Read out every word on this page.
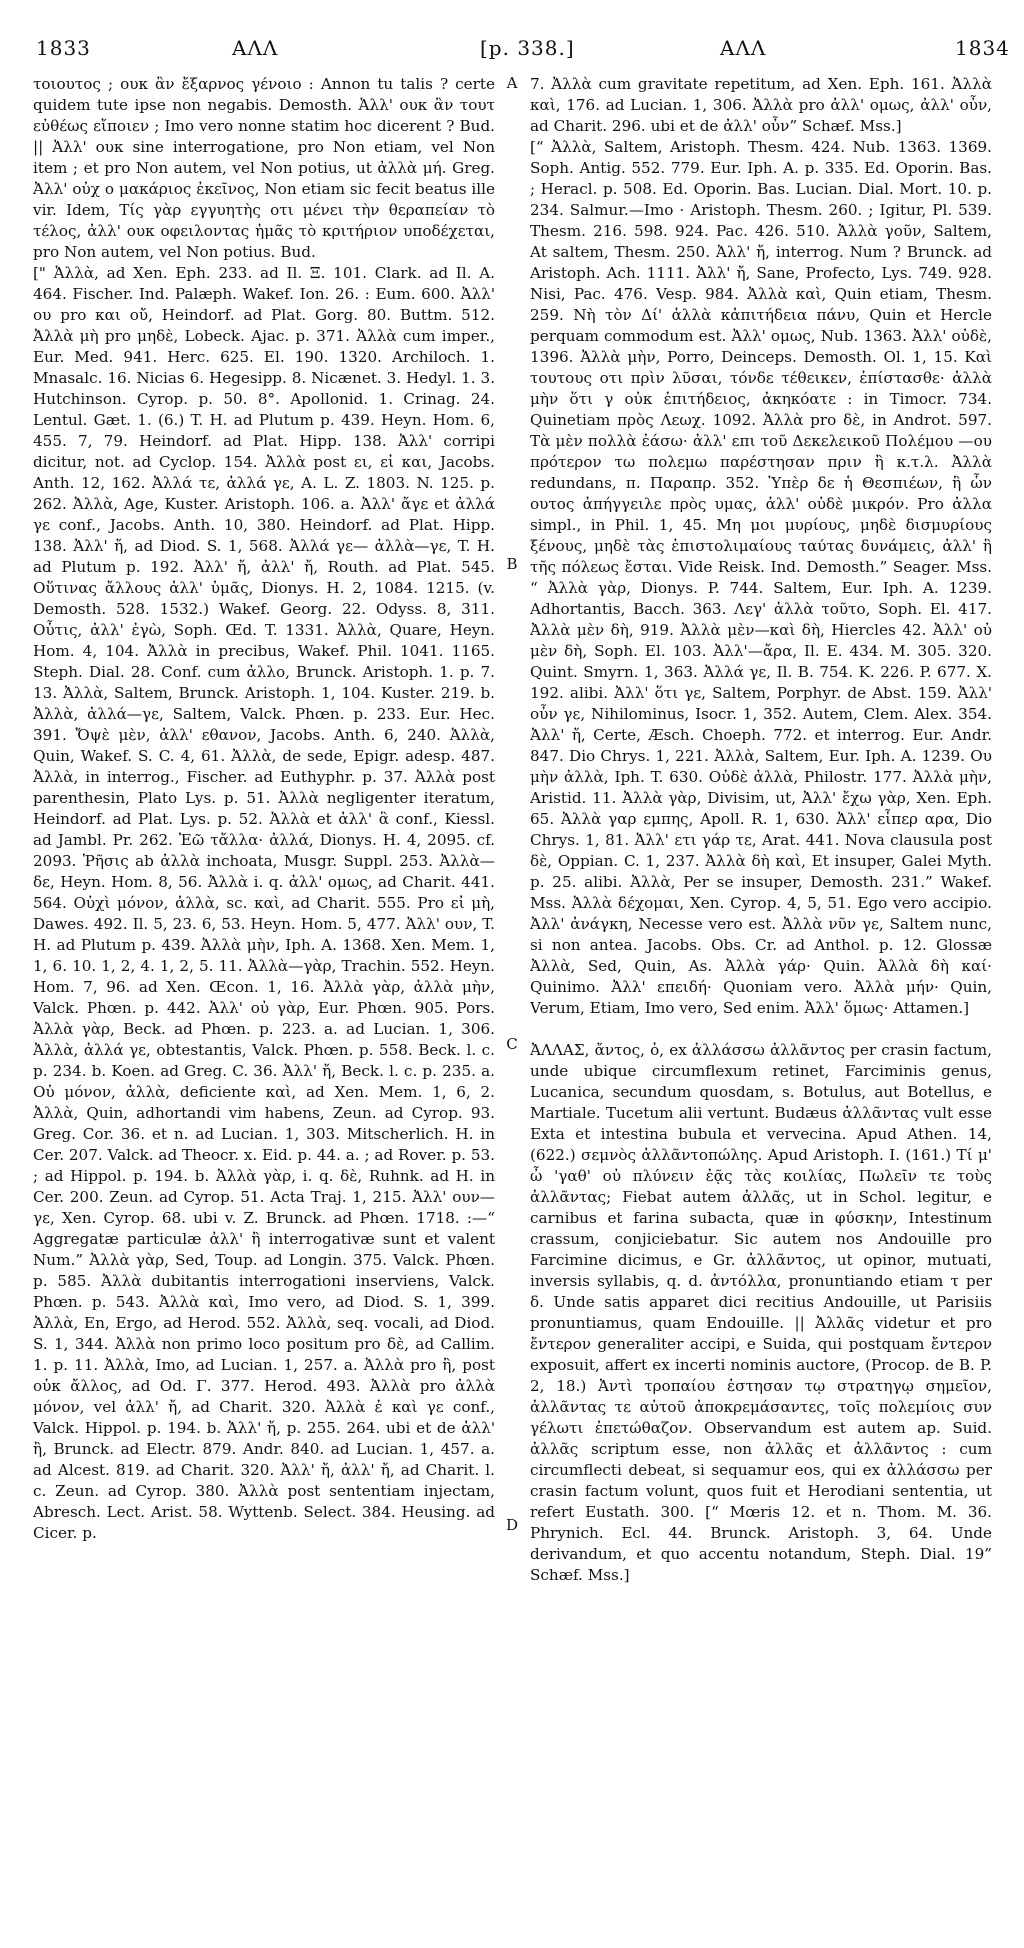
1833	ΑΛΛ	[p. 338.]	ΑΛΛ	1834
A
B
C
D

τοιουτος ; ουκ ἂν ἔξαρνος γένοιο : Annon tu talis ? certe quidem tute ipse non negabis. Demosth. Ἀλλ' ουκ ἂν τουτ εὐθέως εἴποιεν ; Imo vero nonne statim hoc dicerent ? Bud. || Ἀλλ' ουκ sine interrogatione, pro Non etiam, vel Non item ; et pro Non autem, vel Non potius, ut ἀλλὰ μή. Greg. Ἀλλ' οὐχ ο μακάριος ἐκεῖνος, Non etiam sic fecit beatus ille vir. Idem, Τίς γὰρ εγγυητὴς οτι μένει τὴν θεραπείαν τὸ τέλος, ἀλλ' ουκ οφειλοντας ἡμᾶς τὸ κριτήριον υποδέχεται, pro Non autem, vel Non potius. Bud.

[" Ἀλλὰ, ad Xen. Eph. 233. ad Il. Ξ. 101. Clark. ad Il. A. 464. Fischer. Ind. Palæph. Wakef. Ion. 26. : Eum. 600. Ἀλλ' ου pro και οὔ, Heindorf. ad Plat. Gorg. 80. Buttm. 512. Ἀλλὰ μὴ pro μηδὲ, Lobeck. Ajac. p. 371. Ἀλλὰ cum imper., Eur. Med. 941. Herc. 625. El. 190. 1320. Archiloch. 1. Mnasalc. 16. Nicias 6. Hegesipp. 8. Nicænet. 3. Hedyl. 1. 3. Hutchinson. Cyrop. p. 50. 8°. Apollonid. 1. Crinag. 24. Lentul. Gæt. 1. (6.) T. H. ad Plutum p. 439. Heyn. Hom. 6, 455. 7, 79. Heindorf. ad Plat. Hipp. 138. Ἀλλ' corripi dicitur, not. ad Cyclop. 154. Ἀλλὰ post ει, εἰ και, Jacobs. Anth. 12, 162. Ἀλλά τε, ἀλλά γε, A. L. Z. 1803. N. 125. p. 262. Ἀλλὰ, Age, Kuster. Aristoph. 106. a. Ἀλλ' ἄγε et ἀλλά γε conf., Jacobs. Anth. 10, 380. Heindorf. ad Plat. Hipp. 138. Ἀλλ' ἤ, ad Diod. S. 1, 568. Ἀλλά γε— ἀλλὰ—γε, T. H. ad Plutum p. 192. Ἀλλ' ἤ, ἀλλ' ἤ, Routh. ad Plat. 545. Οὕτινας ἄλλους ἀλλ' ὑμᾶς, Dionys. H. 2, 1084. 1215. (v. Demosth. 528. 1532.) Wakef. Georg. 22. Odyss. 8, 311. Οὗτις, ἀλλ' ἐγὼ, Soph. Œd. T. 1331. Ἀλλὰ, Quare, Heyn. Hom. 4, 104. Ἀλλὰ in precibus, Wakef. Phil. 1041. 1165. Steph. Dial. 28. Conf. cum ἀλλο, Brunck. Aristoph. 1. p. 7. 13. Ἀλλὰ, Saltem, Brunck. Aristoph. 1, 104. Kuster. 219. b. Ἀλλὰ, ἀλλά—γε, Saltem, Valck. Phœn. p. 233. Eur. Hec. 391. Ὄψὲ μὲν, ἀλλ' εθανον, Jacobs. Anth. 6, 240. Ἀλλὰ, Quin, Wakef. S. C. 4, 61. Ἀλλὰ, de sede, Epigr. adesp. 487. Ἀλλὰ, in interrog., Fischer. ad Euthyphr. p. 37. Ἀλλὰ post parenthesin, Plato Lys. p. 51. Ἀλλὰ negligenter iteratum, Heindorf. ad Plat. Lys. p. 52. Ἀλλὰ et ἀλλ' ἃ conf., Kiessl. ad Jambl. Pr. 262. Ἐῶ τἄλλα· ἀλλά, Dionys. H. 4, 2095. cf. 2093. Ῥῆσις ab ἀλλὰ inchoata, Musgr. Suppl. 253. Ἀλλὰ—δε, Heyn. Hom. 8, 56. Ἀλλὰ i. q. ἀλλ' ομως, ad Charit. 441. 564. Οὐχὶ μόνον, ἀλλὰ, sc. καὶ, ad Charit. 555. Pro εἰ μὴ, Dawes. 492. Il. 5, 23. 6, 53. Heyn. Hom. 5, 477. Ἀλλ' ουν, T. H. ad Plutum p. 439. Ἀλλὰ μὴν, Iph. A. 1368. Xen. Mem. 1, 1, 6. 10. 1, 2, 4. 1, 2, 5. 11. Ἀλλὰ—γὰρ, Trachin. 552. Heyn. Hom. 7, 96. ad Xen. Œcon. 1, 16. Ἀλλὰ γὰρ, ἀλλὰ μὴν, Valck. Phœn. p. 442. Ἀλλ' οὐ γὰρ, Eur. Phœn. 905. Pors. Ἀλλὰ γὰρ, Beck. ad Phœn. p. 223. a. ad Lucian. 1, 306. Ἀλλὰ, ἀλλά γε, obtestantis, Valck. Phœn. p. 558. Beck. l. c. p. 234. b. Koen. ad Greg. C. 36. Ἀλλ' ἤ, Beck. l. c. p. 235. a. Οὐ μόνον, ἀλλὰ, deficiente καὶ, ad Xen. Mem. 1, 6, 2. Ἀλλὰ, Quin, adhortandi vim habens, Zeun. ad Cyrop. 93. Greg. Cor. 36. et n. ad Lucian. 1, 303. Mitscherlich. H. in Cer. 207. Valck. ad Theocr. x. Eid. p. 44. a. ; ad Rover. p. 53. ; ad Hippol. p. 194. b. Ἀλλὰ γὰρ, i. q. δὲ, Ruhnk. ad H. in Cer. 200. Zeun. ad Cyrop. 51. Acta Traj. 1, 215. Ἀλλ' ουν—γε, Xen. Cyrop. 68. ubi v. Z. Brunck. ad Phœn. 1718. :—“ Aggregatæ particulæ ἀλλ' ἢ interrogativæ sunt et valent Num.” Ἀλλὰ γὰρ, Sed, Toup. ad Longin. 375. Valck. Phœn. p. 585. Ἀλλὰ dubitantis interrogationi inserviens, Valck. Phœn. p. 543. Ἀλλὰ καὶ, Imo vero, ad Diod. S. 1, 399. Ἀλλὰ, En, Ergo, ad Herod. 552. Ἀλλὰ, seq. vocali, ad Diod. S. 1, 344. Ἀλλὰ non primo loco positum pro δὲ, ad Callim. 1. p. 11. Ἀλλὰ, Imo, ad Lucian. 1, 257. a. Ἀλλὰ pro ἢ, post οὐκ ἄλλος, ad Od. Γ. 377. Herod. 493. Ἀλλὰ pro ἀλλὰ μόνον, vel ἀλλ' ἤ, ad Charit. 320. Ἀλλὰ ἐ καὶ γε conf., Valck. Hippol. p. 194. b. Ἀλλ' ἤ, p. 255. 264. ubi et de ἀλλ' ἢ, Brunck. ad Electr. 879. Andr. 840. ad Lucian. 1, 457. a. ad Alcest. 819. ad Charit. 320. Ἀλλ' ἤ, ἀλλ' ἤ, ad Charit. l. c. Zeun. ad Cyrop. 380. Ἀλλὰ post sententiam injectam, Abresch. Lect. Arist. 58. Wyttenb. Select. 384. Heusing. ad Cicer. p.

7. Ἀλλὰ cum gravitate repetitum, ad Xen. Eph. 161. Ἀλλὰ καὶ, 176. ad Lucian. 1, 306. Ἀλλὰ pro ἀλλ' ομως, ἀλλ' οὖν, ad Charit. 296. ubi et de ἀλλ' οὖν” Schæf. Mss.]

[“ Ἀλλὰ, Saltem, Aristoph. Thesm. 424. Nub. 1363. 1369. Soph. Antig. 552. 779. Eur. Iph. A. p. 335. Ed. Oporin. Bas. ; Heracl. p. 508. Ed. Oporin. Bas. Lucian. Dial. Mort. 10. p. 234. Salmur.—Imo · Aristoph. Thesm. 260. ; Igitur, Pl. 539. Thesm. 216. 598. 924. Pac. 426. 510. Ἀλλὰ γοῦν, Saltem, At saltem, Thesm. 250. Ἀλλ' ἤ, interrog. Num ? Brunck. ad Aristoph. Ach. 1111. Ἀλλ' ἤ, Sane, Profecto, Lys. 749. 928. Nisi, Pac. 476. Vesp. 984. Ἀλλὰ καὶ, Quin etiam, Thesm. 259. Νὴ τὸν Δί' ἀλλὰ κἀπιτήδεια πάνυ, Quin et Hercle perquam commodum est. Ἀλλ' ομως, Nub. 1363. Ἀλλ' οὐδὲ, 1396. Ἀλλὰ μὴν, Porro, Deinceps. Demosth. Ol. 1, 15. Καὶ τουτους οτι πρὶν λῦσαι, τόνδε τέθεικεν, ἐπίστασθε· ἀλλὰ μὴν ὅτι γ οὐκ ἐπιτήδειος, ἀκηκόατε : in Timocr. 734. Quinetiam πρὸς Λεωχ. 1092. Ἀλλὰ pro δὲ, in Androt. 597. Τὰ μὲν πολλὰ ἐάσω· ἀλλ' επι τοῦ Δεκελεικοῦ Πολέμου —ου πρότερον τω πολεμω παρέστησαν πριν ἢ κ.τ.λ. Ἀλλὰ redundans, π. Παραπρ. 352. Ὑπὲρ δε ἡ Θεσπιέων, ἣ ὧν ουτος ἀπήγγειλε πρὸς υμας, ἀλλ' οὐδὲ μικρόν. Pro ἀλλα simpl., in Phil. 1, 45. Μη μοι μυρίους, μηδὲ δισμυρίους ξένους, μηδὲ τὰς ἐπιστολιμαίους ταύτας δυνάμεις, ἀλλ' ἣ τῆς πόλεως ἔσται. Vide Reisk. Ind. Demosth.” Seager. Mss. “ Ἀλλὰ γὰρ, Dionys. P. 744. Saltem, Eur. Iph. A. 1239. Adhortantis, Bacch. 363. Λεγ' ἀλλὰ τοῦτο, Soph. El. 417. Ἀλλὰ μὲν δὴ, 919. Ἀλλὰ μὲν—καὶ δὴ, Hiercles 42. Ἀλλ' οὐ μὲν δὴ, Soph. El. 103. Ἀλλ'—ἄρα, Il. E. 434. M. 305. 320. Quint. Smyrn. 1, 363. Ἀλλά γε, Il. B. 754. K. 226. P. 677. X. 192. alibi. Ἀλλ' ὅτι γε, Saltem, Porphyr. de Abst. 159. Ἀλλ' οὖν γε, Nihilominus, Isocr. 1, 352. Autem, Clem. Alex. 354. Ἀλλ' ἤ, Certe, Æsch. Choeph. 772. et interrog. Eur. Andr. 847. Dio Chrys. 1, 221. Ἀλλὰ, Saltem, Eur. Iph. A. 1239. Ου μὴν ἀλλὰ, Iph. T. 630. Οὐδὲ ἀλλὰ, Philostr. 177. Ἀλλὰ μὴν, Aristid. 11. Ἀλλὰ γὰρ, Divisim, ut, Ἀλλ' ἔχω γὰρ, Xen. Eph. 65. Ἀλλὰ γαρ εμπης, Apoll. R. 1, 630. Ἀλλ' εἶπερ αρα, Dio Chrys. 1, 81. Ἀλλ' ετι γάρ τε, Arat. 441. Nova clausula post δὲ, Oppian. C. 1, 237. Ἀλλὰ δὴ καὶ, Et insuper, Galei Myth. p. 25. alibi. Ἀλλὰ, Per se insuper, Demosth. 231.” Wakef. Mss. Ἀλλὰ δέχομαι, Xen. Cyrop. 4, 5, 51. Ego vero accipio. Ἀλλ' ἀνάγκη, Necesse vero est. Ἀλλὰ νῦν γε, Saltem nunc, si non antea. Jacobs. Obs. Cr. ad Anthol. p. 12. Glossæ Ἀλλὰ, Sed, Quin, As. Ἀλλὰ γάρ· Quin. Ἀλλὰ δὴ καί· Quinimo. Ἀλλ' επειδή· Quoniam vero. Ἀλλὰ μήν· Quin, Verum, Etiam, Imo vero, Sed enim. Ἀλλ' ὅμως· Attamen.]

ἈΛΛΑΣ, ἄντος, ὁ, ex ἀλλάσσω ἀλλᾶντος per crasin factum, unde ubique circumflexum retinet, Farciminis genus, Lucanica, secundum quosdam, s. Botulus, aut Botellus, e Martiale. Tucetum alii vertunt. Budæus ἀλλᾶντας vult esse Exta et intestina bubula et vervecina. Apud Athen. 14, (622.) σεμνὸς ἀλλᾶντοπώλης. Apud Aristoph. I. (161.) Τί μ' ὦ 'γαθ' οὐ πλύνειν ἐᾷς τὰς κοιλίας, Πωλεῖν τε τοὺς ἀλλᾶντας; Fiebat autem ἀλλᾶς, ut in Schol. legitur, e carnibus et farina subacta, quæ in φύσκην, Intestinum crassum, conjiciebatur. Sic autem nos Andouille pro Farcimine dicimus, e Gr. ἀλλᾶντος, ut opinor, mutuati, inversis syllabis, q. d. ἀντόλλα, pronuntiando etiam τ per δ. Unde satis apparet dici recitius Andouille, ut Parisiis pronuntiamus, quam Endouille. || Ἀλλᾶς videtur et pro ἔντερον generaliter accipi, e Suida, qui postquam ἔντερον exposuit, affert ex incerti nominis auctore, (Procop. de B. P. 2, 18.) Ἀντὶ τροπαίου ἐστησαν τῳ στρατηγῳ σημεῖον, ἀλλᾶντας τε αὐτοῦ ἀποκρεμάσαντες, τοῖς πολεμίοις συν γέλωτι ἐπετώθαζον. Observandum est autem ap. Suid. ἀλλᾶς scriptum esse, non ἀλλᾶς et ἀλλᾶντος : cum circumflecti debeat, si sequamur eos, qui ex ἀλλάσσω per crasin factum volunt, quos fuit et Herodiani sententia, ut refert Eustath. 300. [“ Mœris 12. et n. Thom. M. 36. Phrynich. Ecl. 44. Brunck. Aristoph. 3, 64. Unde derivandum, et quo accentu notandum, Steph. Dial. 19” Schæf. Mss.]
